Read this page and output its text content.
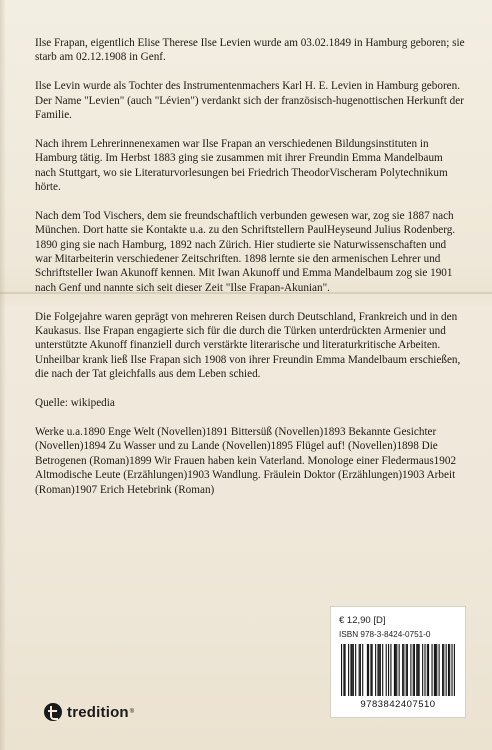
Ilse Frapan, eigentlich Elise Therese Ilse Levien wurde am 03.02.1849 in Hamburg geboren; sie starb am 02.12.1908 in Genf.

Ilse Levin wurde als Tochter des Instrumentenmachers Karl H. E. Levien in Hamburg geboren. Der Name "Levien" (auch "Lévien") verdankt sich der französisch-hugenottischen Herkunft der Familie.

Nach ihrem Lehrerinnenexamen war Ilse Frapan an verschiedenen Bildungsinstituten in Hamburg tätig. Im Herbst 1883 ging sie zusammen mit ihrer Freundin Emma Mandelbaum nach Stuttgart, wo sie Literaturvorlesungen bei Friedrich TheodorVischeram Polytechnikum hörte.

Nach dem Tod Vischers, dem sie freundschaftlich verbunden gewesen war, zog sie 1887 nach München. Dort hatte sie Kontakte u.a. zu den Schriftstellern PaulHeyseund Julius Rodenberg. 1890 ging sie nach Hamburg, 1892 nach Zürich. Hier studierte sie Naturwissenschaften und war Mitarbeiterin verschiedener Zeitschriften. 1898 lernte sie den armenischen Lehrer und Schriftsteller Iwan Akunoff kennen. Mit Iwan Akunoff und Emma Mandelbaum zog sie 1901 nach Genf und nannte sich seit dieser Zeit "Ilse Frapan-Akunian".

Die Folgejahre waren geprägt von mehreren Reisen durch Deutschland, Frankreich und in den Kaukasus. Ilse Frapan engagierte sich für die durch die Türken unterdrückten Armenier und unterstützte Akunoff finanziell durch verstärkte literarische und literaturkritische Arbeiten. Unheilbar krank ließ Ilse Frapan sich 1908 von ihrer Freundin Emma Mandelbaum erschießen, die nach der Tat gleichfalls aus dem Leben schied.

Quelle: wikipedia

Werke u.a.1890 Enge Welt (Novellen)1891 Bittersüß (Novellen)1893 Bekannte Gesichter (Novellen)1894 Zu Wasser und zu Lande (Novellen)1895 Flügel auf! (Novellen)1898 Die Betrogenen (Roman)1899 Wir Frauen haben kein Vaterland. Monologe einer Fledermaus1902 Altmodische Leute (Erzählungen)1903 Wandlung. Fräulein Doktor (Erzählungen)1903 Arbeit (Roman)1907 Erich Hetebrink (Roman)

€ 12,90 [D]
ISBN 978-3-8424-0751-0
9783842407510
tredition ®
